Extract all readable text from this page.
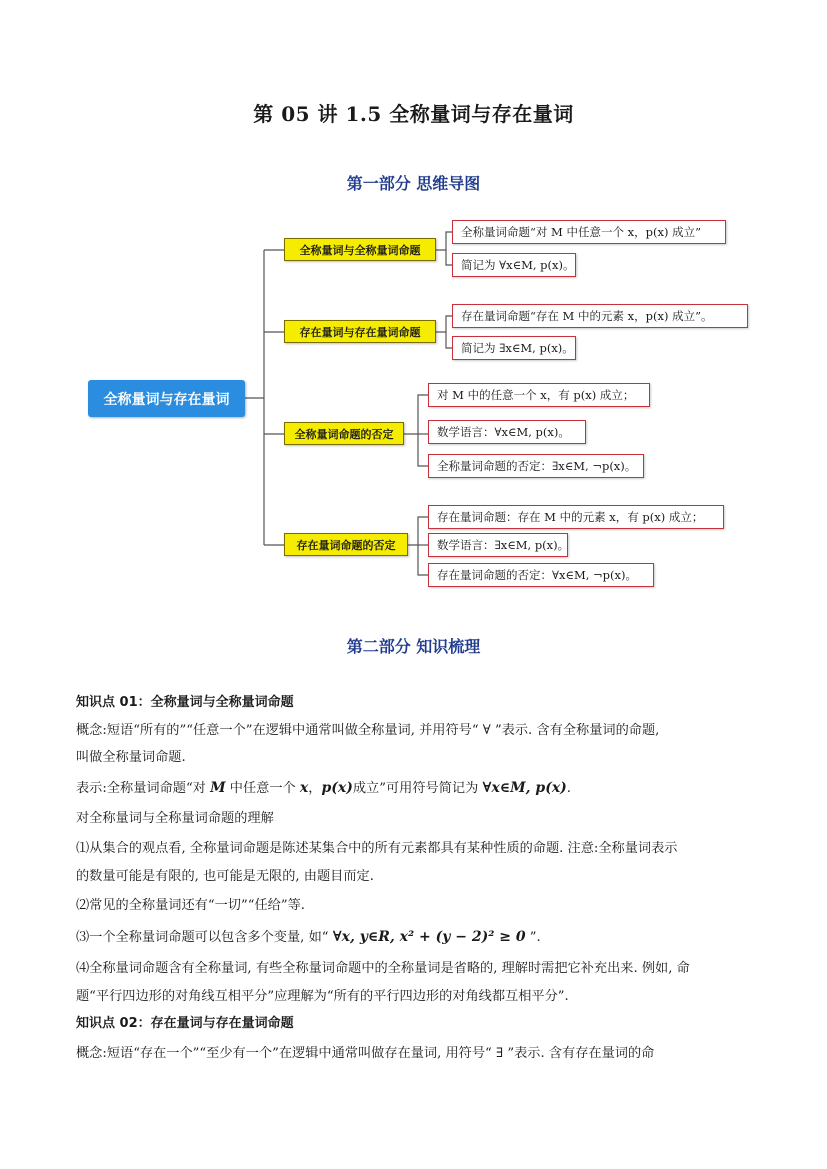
第 05 讲 1.5 全称量词与存在量词
第一部分 思维导图
全称量词与存在量词
全称量词与全称量词命题
存在量词与存在量词命题
全称量词命题的否定
存在量词命题的否定
全称量词命题“对 M 中任意一个 x，p(x) 成立”
简记为 ∀x∈M, p(x)。
存在量词命题“存在 M 中的元素 x，p(x) 成立”。
简记为 ∃x∈M, p(x)。
对 M 中的任意一个 x，有 p(x) 成立；
数学语言：∀x∈M, p(x)。
全称量词命题的否定：∃x∈M, ¬p(x)。
存在量词命题：存在 M 中的元素 x，有 p(x) 成立；
数学语言：∃x∈M, p(x)。
存在量词命题的否定：∀x∈M, ¬p(x)。
第二部分 知识梳理
知识点 01：全称量词与全称量词命题
概念:短语“所有的”“任意一个”在逻辑中通常叫做全称量词, 并用符号“ ∀ ”表示. 含有全称量词的命题,
叫做全称量词命题.
表示:全称量词命题“对 M 中任意一个 x，p(x)成立”可用符号简记为 ∀x∈M, p(x).
对全称量词与全称量词命题的理解
⑴从集合的观点看, 全称量词命题是陈述某集合中的所有元素都具有某种性质的命题. 注意:全称量词表示
的数量可能是有限的, 也可能是无限的, 由题目而定.
⑵常见的全称量词还有“一切”“任给”等.
⑶一个全称量词命题可以包含多个变量, 如“ ∀x, y∈R, x² + (y − 2)² ≥ 0 ”.
⑷全称量词命题含有全称量词, 有些全称量词命题中的全称量词是省略的, 理解时需把它补充出来. 例如, 命
题“平行四边形的对角线互相平分”应理解为“所有的平行四边形的对角线都互相平分”.
知识点 02：存在量词与存在量词命题
概念:短语“存在一个”“至少有一个”在逻辑中通常叫做存在量词, 用符号“ ∃ ”表示. 含有存在量词的命
